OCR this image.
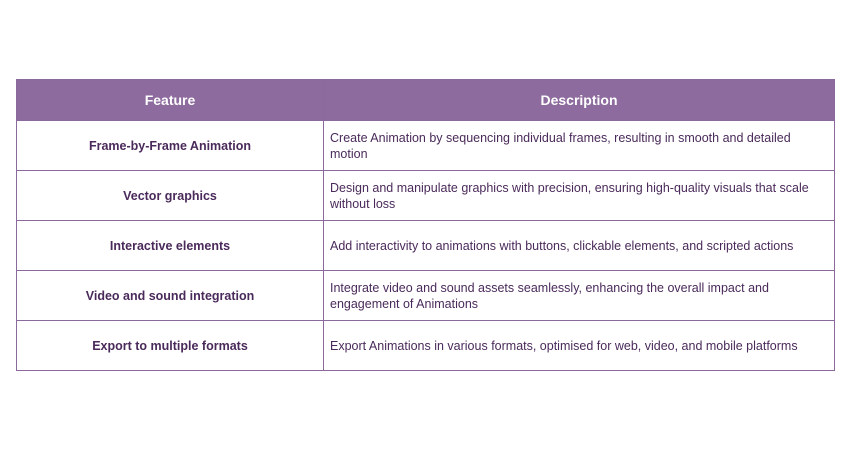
Feature	Description
Frame-by-Frame Animation	Create Animation by sequencing individual frames, resulting in smooth and detailed motion
Vector graphics	Design and manipulate graphics with precision, ensuring high-quality visuals that scale without loss
Interactive elements	Add interactivity to animations with buttons, clickable elements, and scripted actions
Video and sound integration	Integrate video and sound assets seamlessly, enhancing the overall impact and engagement of Animations
Export to multiple formats	Export Animations in various formats, optimised for web, video, and mobile platforms
